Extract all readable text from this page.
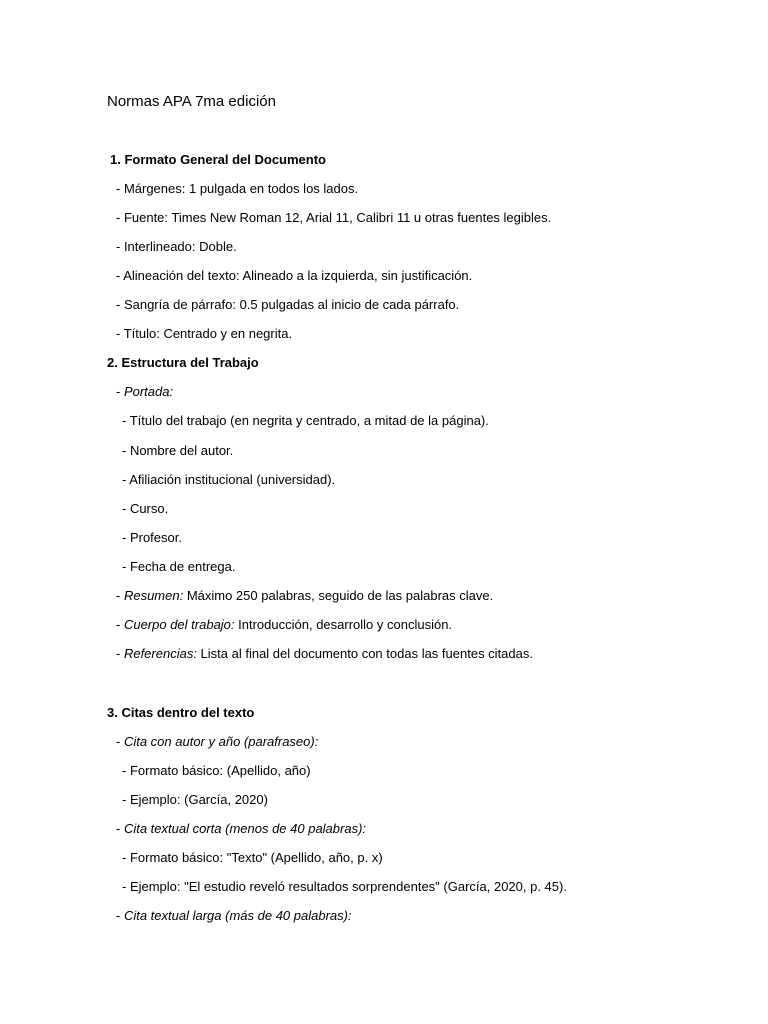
Normas APA 7ma edición
1. Formato General del Documento
- Márgenes: 1 pulgada en todos los lados.
- Fuente: Times New Roman 12, Arial 11, Calibri 11 u otras fuentes legibles.
- Interlineado: Doble.
- Alineación del texto: Alineado a la izquierda, sin justificación.
- Sangría de párrafo: 0.5 pulgadas al inicio de cada párrafo.
- Título: Centrado y en negrita.
2. Estructura del Trabajo
- Portada:
- Título del trabajo (en negrita y centrado, a mitad de la página).
- Nombre del autor.
- Afiliación institucional (universidad).
- Curso.
- Profesor.
- Fecha de entrega.
- Resumen: Máximo 250 palabras, seguido de las palabras clave.
- Cuerpo del trabajo: Introducción, desarrollo y conclusión.
- Referencias: Lista al final del documento con todas las fuentes citadas.
3. Citas dentro del texto
- Cita con autor y año (parafraseo):
- Formato básico: (Apellido, año)
- Ejemplo: (García, 2020)
- Cita textual corta (menos de 40 palabras):
- Formato básico: "Texto" (Apellido, año, p. x)
- Ejemplo: "El estudio reveló resultados sorprendentes" (García, 2020, p. 45).
- Cita textual larga (más de 40 palabras):
